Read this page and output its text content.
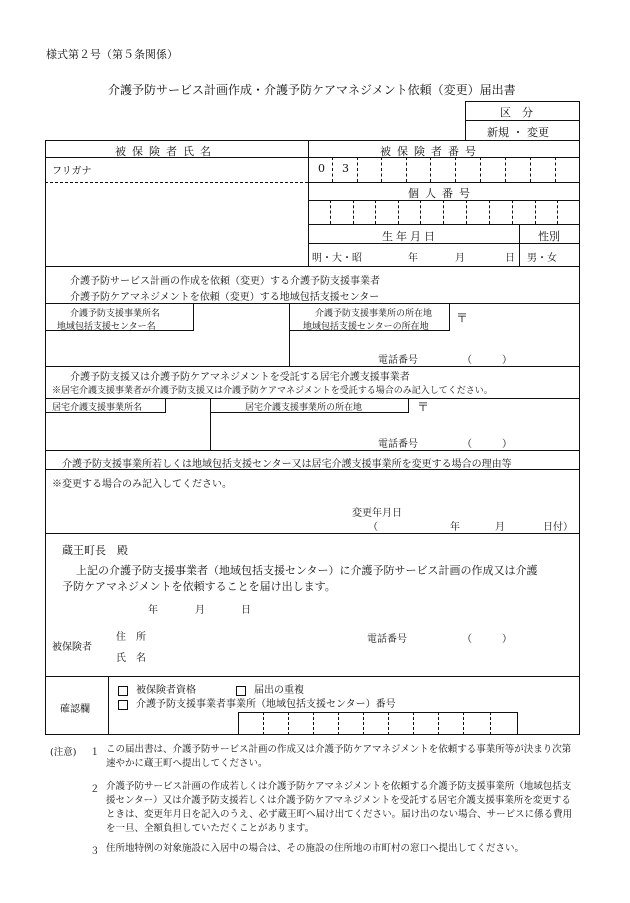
様式第２号（第５条関係）
介護予防サービス計画作成・介護予防ケアマネジメント依頼（変更）届出書
区　分
新規 ・ 変更
被保険者氏名	被保険者番号
フリガナ	0 3
個人番号
生年月日	性別
明・大・昭	年	月	日 男・女
介護予防サービス計画の作成を依頼（変更）する介護予防支援事業者
介護予防ケアマネジメントを依頼（変更）する地域包括支援センター
介護予防支援事業所名
地域包括支援センター名
介護予防支援事業所の所在地
地域包括支援センターの所在地
〒
電話番号	（　　　）
介護予防支援又は介護予防ケアマネジメントを受託する居宅介護支援事業者
※居宅介護支援事業者が介護予防支援又は介護予防ケアマネジメントを受託する場合のみ記入してください。
居宅介護支援事業所名	居宅介護支援事業所の所在地	〒
電話番号	（　　　）
介護予防支援事業所若しくは地域包括支援センター又は居宅介護支援事業所を変更する場合の理由等
※変更する場合のみ記入してください。
変更年月日
（	年	月	日付）
蔵王町長　殿
上記の介護予防支援事業者（地域包括支援センター）に介護予防サービス計画の作成又は介護
予防ケアマネジメントを依頼することを届け出します。
年	月	日
被保険者
住　所
氏　名
電話番号	（　　　）
確認欄
被保険者資格	届出の重複
介護予防支援事業者事業所（地域包括支援センター）番号
(注意) １ この届出書は、介護予防サービス計画の作成又は介護予防ケアマネジメントを依頼する事業所等が決まり次第速やかに蔵王町へ提出してください。
２ 介護予防サービス計画の作成若しくは介護予防ケアマネジメントを依頼する介護予防支援事業所（地域包括支援センター）又は介護予防支援若しくは介護予防ケアマネジメントを受託する居宅介護支援事業所を変更するときは、変更年月日を記入のうえ、必ず蔵王町へ届け出てください。届け出のない場合、サービスに係る費用を一旦、全額負担していただくことがあります。
３ 住所地特例の対象施設に入居中の場合は、その施設の住所地の市町村の窓口へ提出してください。
